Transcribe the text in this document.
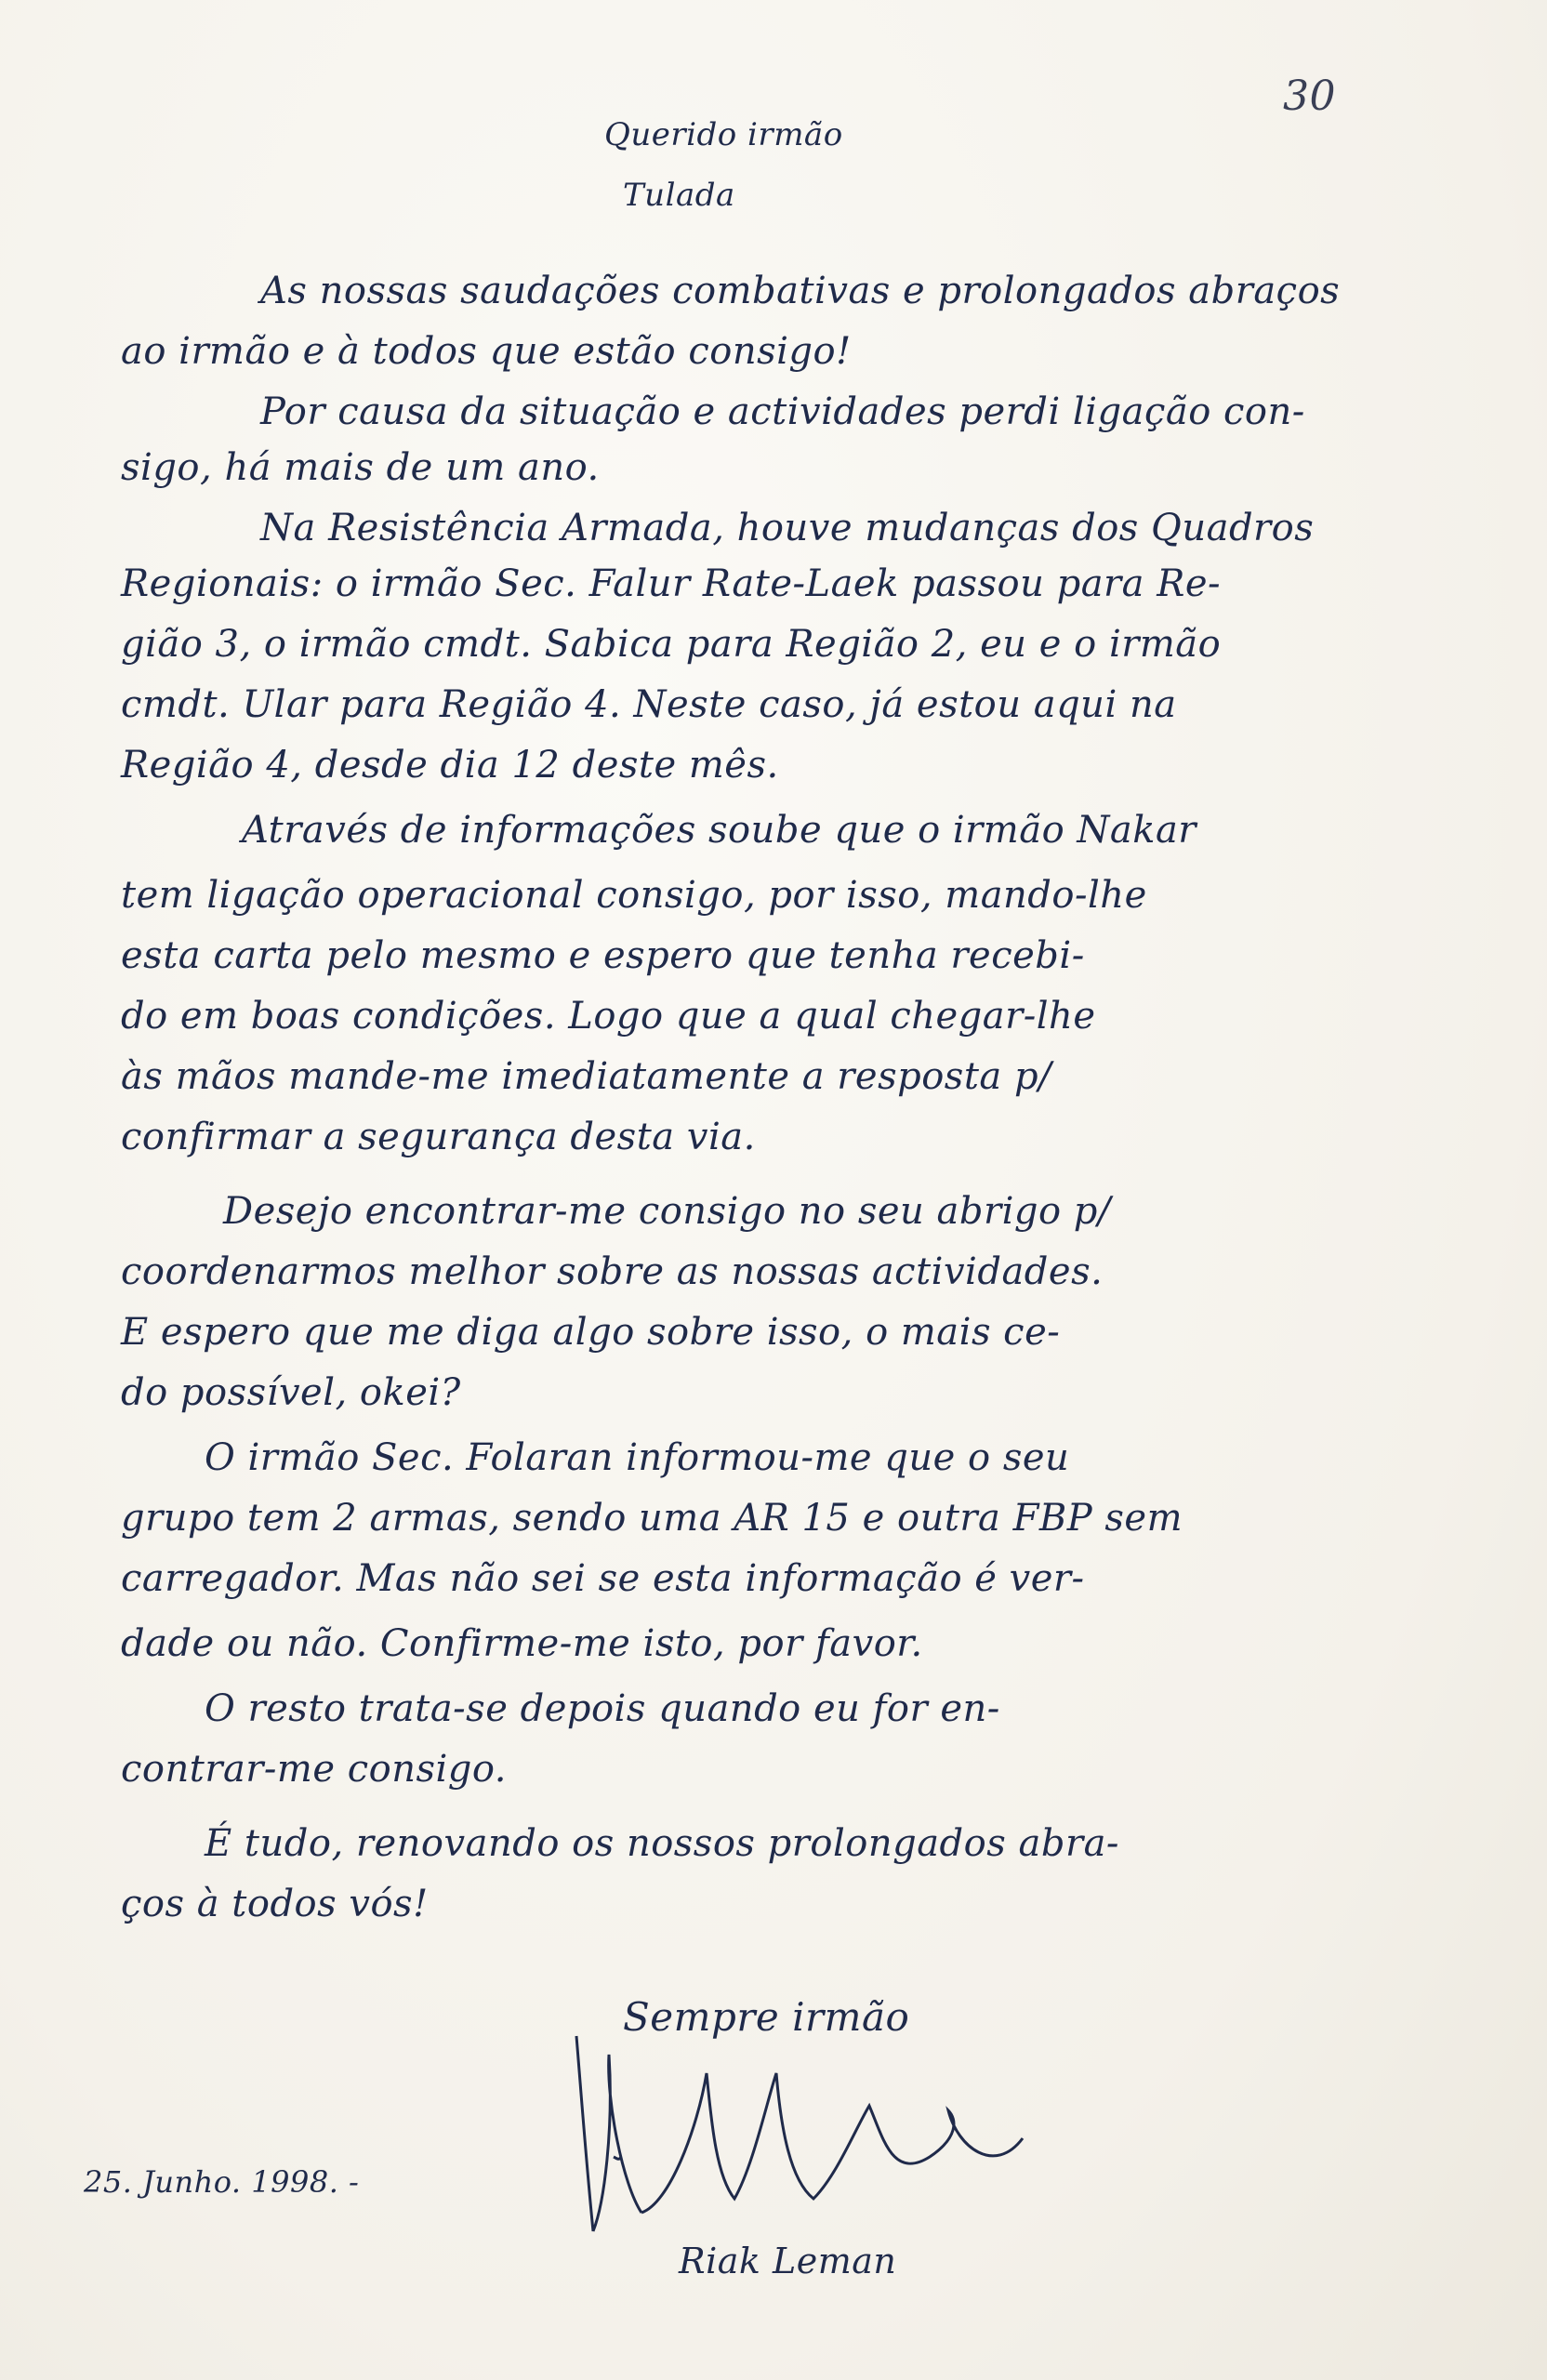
30
Querido irmão
Tulada
As nossas saudações combativas e prolongados abraços
ao irmão e à todos que estão consigo!
Por causa da situação e actividades perdi ligação con-
sigo, há mais de um ano.
Na Resistência Armada, houve mudanças dos Quadros
Regionais: o irmão Sec. Falur Rate-Laek passou para Re-
gião 3, o irmão cmdt. Sabica para Região 2, eu e o irmão
cmdt. Ular para Região 4. Neste caso, já estou aqui na
Região 4, desde dia 12 deste mês.
Através de informações soube que o irmão Nakar
tem ligação operacional consigo, por isso, mando-lhe
esta carta pelo mesmo e espero que tenha recebi-
do em boas condições. Logo que a qual chegar-lhe
às mãos mande-me imediatamente a resposta p/
confirmar a segurança desta via.
Desejo encontrar-me consigo no seu abrigo p/
coordenarmos melhor sobre as nossas actividades.
E espero que me diga algo sobre isso, o mais ce-
do possível, okei?
O irmão Sec. Folaran informou-me que o seu
grupo tem 2 armas, sendo uma AR 15 e outra FBP sem
carregador. Mas não sei se esta informação é ver-
dade ou não. Confirme-me isto, por favor.
O resto trata-se depois quando eu for en-
contrar-me consigo.
É tudo, renovando os nossos prolongados abra-
ços à todos vós!
Sempre irmão
25. Junho. 1998. -
Riak Leman
